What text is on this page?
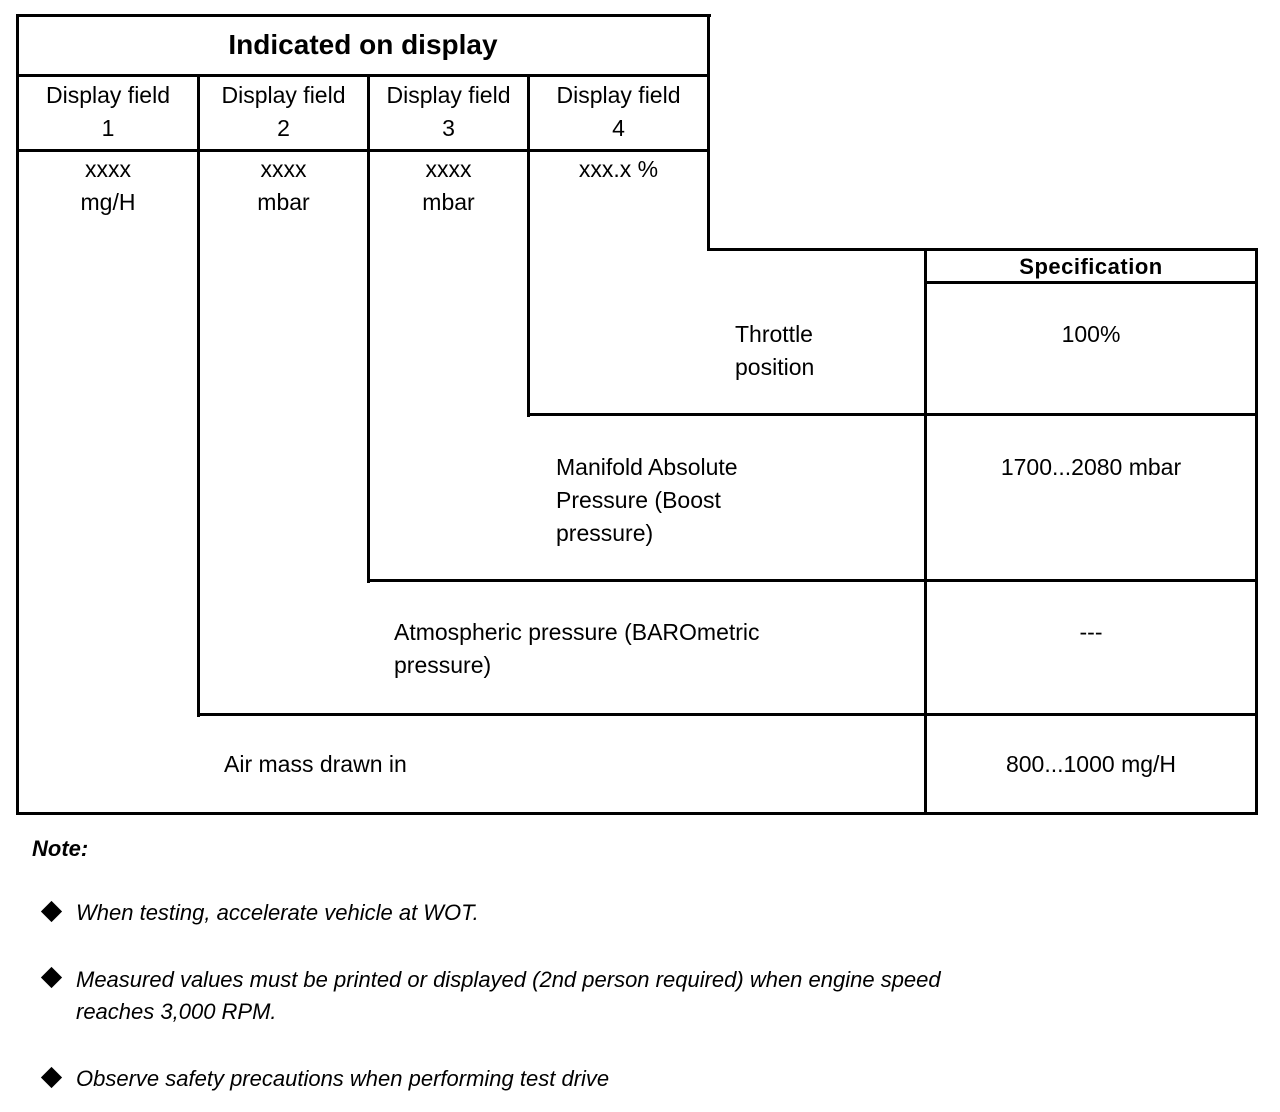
Indicated on display
Display field
1
Display field
2
Display field
3
Display field
4
xxxx
mg/H
xxxx
mbar
xxxx
mbar
xxx.x %
Specification
Throttle
position
Manifold Absolute
Pressure (Boost
pressure)
Atmospheric pressure (BAROmetric
pressure)
Air mass drawn in
100%
1700...2080 mbar
---
800...1000 mg/H
Note:
When testing, accelerate vehicle at WOT.
Measured values must be printed or displayed (2nd person required) when engine speed
reaches 3,000 RPM.
Observe safety precautions when performing test drive
